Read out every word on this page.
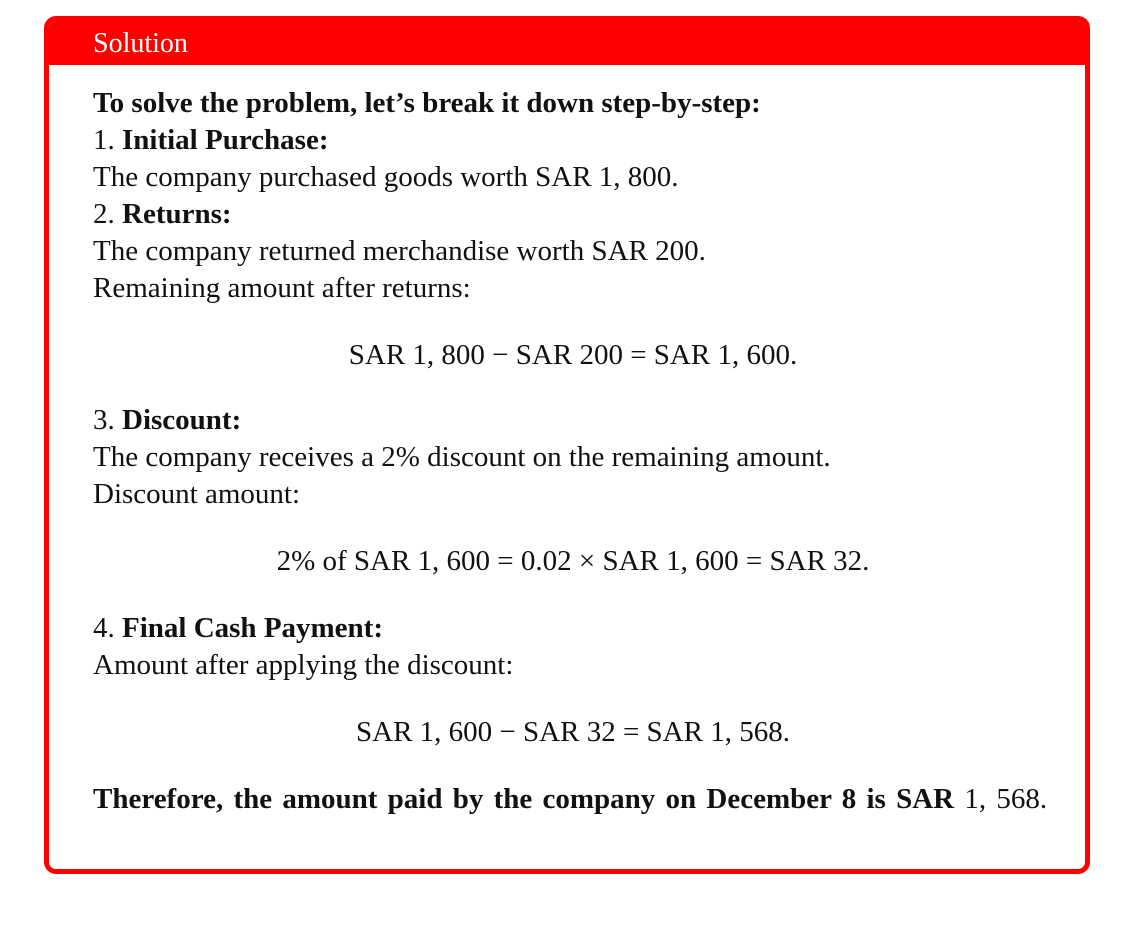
Solution
To solve the problem, let’s break it down step-by-step:
1. Initial Purchase:
The company purchased goods worth SAR 1, 800.
2. Returns:
The company returned merchandise worth SAR 200.
Remaining amount after returns:
SAR 1, 800 − SAR 200 = SAR 1, 600.
3. Discount:
The company receives a 2% discount on the remaining amount.
Discount amount:
2% of SAR 1, 600 = 0.02 × SAR 1, 600 = SAR 32.
4. Final Cash Payment:
Amount after applying the discount:
SAR 1, 600 − SAR 32 = SAR 1, 568.
Therefore, the amount paid by the company on December 8 is SAR 1, 568.
